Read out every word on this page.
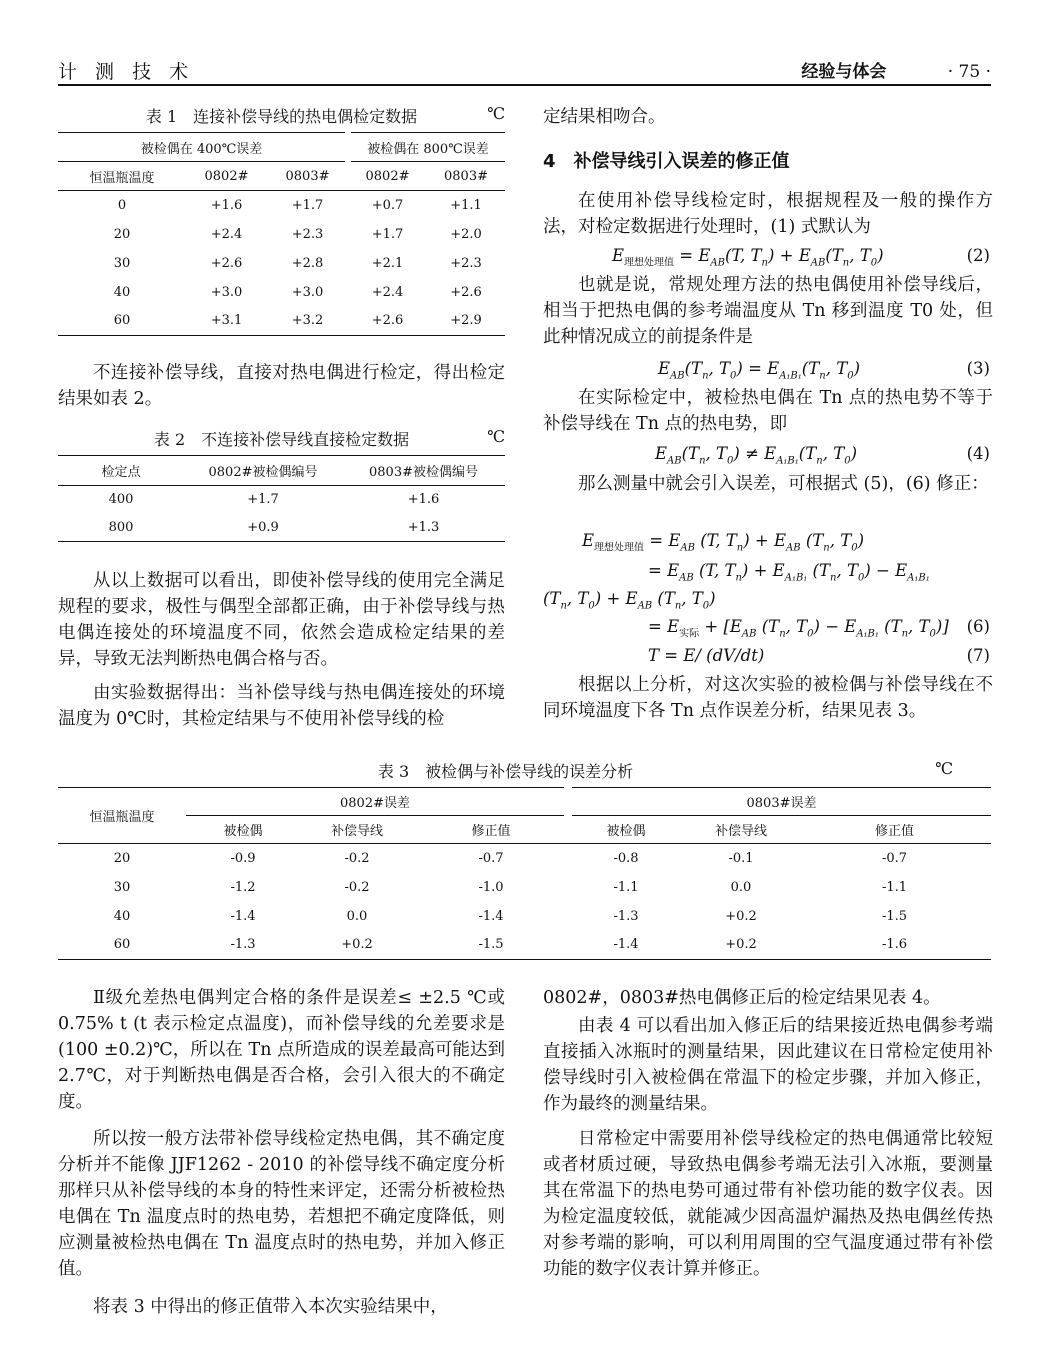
计 测 技 术	经验与体会	· 75 ·
表 1　连接补偿导线的热电偶检定数据	℃
被检偶在 400℃误差			被检偶在 800℃误差	
恒温瓶温度	0802#	0803#	0802#	0803#
0	+1.6	+1.7	+0.7	+1.1
20	+2.4	+2.3	+1.7	+2.0
30	+2.6	+2.8	+2.1	+2.3
40	+3.0	+3.0	+2.4	+2.6
60	+3.1	+3.2	+2.6	+2.9

不连接补偿导线，直接对热电偶进行检定，得出检定结果如表 2。

表 2　不连接补偿导线直接检定数据	℃
检定点	0802#被检偶编号	0803#被检偶编号
400	+1.7	+1.6
800	+0.9	+1.3

从以上数据可以看出，即使补偿导线的使用完全满足规程的要求，极性与偶型全部都正确，由于补偿导线与热电偶连接处的环境温度不同，依然会造成检定结果的差异，导致无法判断热电偶合格与否。

由实验数据得出：当补偿导线与热电偶连接处的环境温度为 0℃时，其检定结果与不使用补偿导线的检

定结果相吻合。

4　补偿导线引入误差的修正值

在使用补偿导线检定时，根据规程及一般的操作方法，对检定数据进行处理时，(1) 式默认为

$E_{理想处理值} = E_{AB}(T$, $T_n) + E_{AB}(T_n$, $T_0$)	(2)

也就是说，常规处理方法的热电偶使用补偿导线后，相当于把热电偶的参考端温度从 Tn 移到温度 T0 处，但此种情况成立的前提条件是

$E_{AB}(T_n$, $T_0) = E_{A_1B_1}(T_n$, $T_0$)	(3)

在实际检定中，被检热电偶在 Tn 点的热电势不等于补偿导线在 Tn 点的热电势，即

$E_{AB}(T_n$, $T_0) \ne E_{A_1B_1}(T_n$, $T_0$)	(4)

那么测量中就会引入误差，可根据式 (5)，(6) 修正：

$E_{理想处理值} = E_{AB}$ (T, $T_n) + E_{AB}$ ($T_n$, $T_0$)
= $E_{AB}$ (T, $T_n) + E_{A_1B_1}$ ($T_n$, $T_0) - E_{A_1B_1}$
($T_n$, $T_0) + E_{AB}$ ($T_n$, $T_0$)
= $E_{实际} + [E_{AB}$ ($T_n$, $T_0) - E_{A_1B_1}$ ($T_n$, $T_0$)] (6)
T = E/ (dV/dt)	(7)

根据以上分析，对这次实验的被检偶与补偿导线在不同环境温度下各 Tn 点作误差分析，结果见表 3。

表 3　被检偶与补偿导线的误差分析	℃
恒温瓶温度	0802#误差			0803#误差		
	被检偶	补偿导线	修正值	被检偶	补偿导线	修正值
20	-0.9	-0.2	-0.7	-0.8	-0.1	-0.7
30	-1.2	-0.2	-1.0	-1.1	0.0	-1.1
40	-1.4	0.0	-1.4	-1.3	+0.2	-1.5
60	-1.3	+0.2	-1.5	-1.4	+0.2	-1.6

Ⅱ级允差热电偶判定合格的条件是误差≤ ±2.5 ℃或 0.75% t (t 表示检定点温度)，而补偿导线的允差要求是 (100 ±0.2)℃，所以在 Tn 点所造成的误差最高可能达到 2.7℃，对于判断热电偶是否合格，会引入很大的不确定度。

所以按一般方法带补偿导线检定热电偶，其不确定度分析并不能像 JJF1262 - 2010 的补偿导线不确定度分析那样只从补偿导线的本身的特性来评定，还需分析被检热电偶在 Tn 温度点时的热电势，若想把不确定度降低，则应测量被检热电偶在 Tn 温度点时的热电势，并加入修正值。

将表 3 中得出的修正值带入本次实验结果中，

0802#，0803#热电偶修正后的检定结果见表 4。

由表 4 可以看出加入修正后的结果接近热电偶参考端直接插入冰瓶时的测量结果，因此建议在日常检定使用补偿导线时引入被检偶在常温下的检定步骤，并加入修正，作为最终的测量结果。

日常检定中需要用补偿导线检定的热电偶通常比较短或者材质过硬，导致热电偶参考端无法引入冰瓶，要测量其在常温下的热电势可通过带有补偿功能的数字仪表。因为检定温度较低，就能减少因高温炉漏热及热电偶丝传热对参考端的影响，可以利用周围的空气温度通过带有补偿功能的数字仪表计算并修正。
